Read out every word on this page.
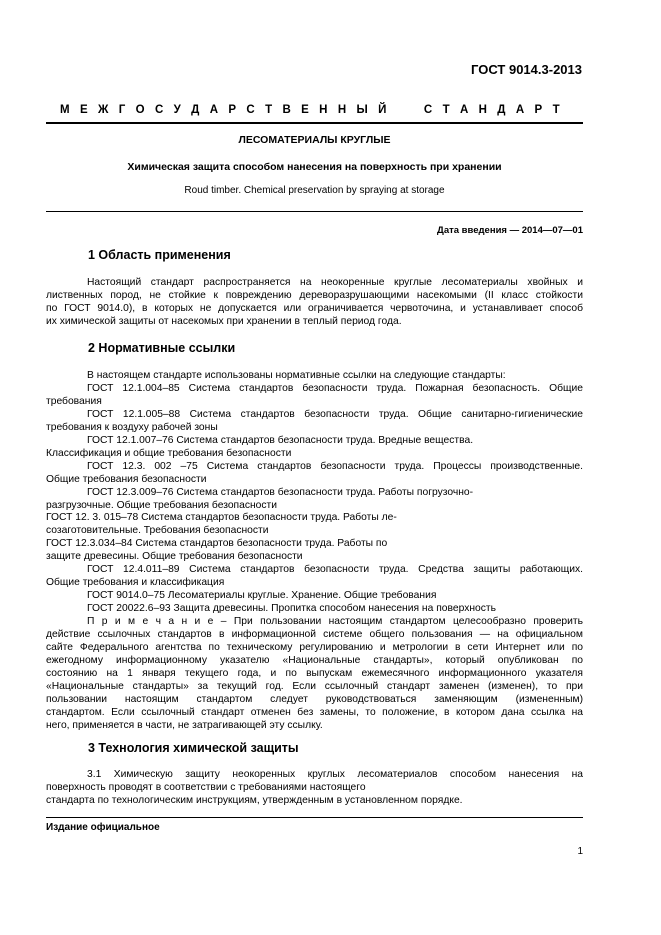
ГОСТ 9014.3-2013
М Е Ж Г О С У Д А Р С Т В Е Н Н Ы Й

	С Т А Н Д А Р Т
ЛЕСОМАТЕРИАЛЫ КРУГЛЫЕ
Химическая защита способом нанесения на поверхность при хранении
Roud timber. Chemical preservation by spraying at storage
Дата введения — 2014—07—01
1 Область применения
Настоящий стандарт распространяется на неокоренные круглые лесоматериалы хвойных и
лиственных пород, не стойкие к повреждению дереворазрушающими насекомыми (II класс стойкости
по ГОСТ 9014.0), в которых не допускается или ограничивается червоточина, и устанавливает способ
их химической защиты от насекомых при хранении в теплый период года.
2 Нормативные ссылки
В настоящем стандарте использованы нормативные ссылки на следующие стандарты:
ГОСТ 12.1.004–85 Система стандартов безопасности труда. Пожарная безопасность. Общие
требования
ГОСТ 12.1.005–88 Система стандартов безопасности труда. Общие санитарно-гигиенические
требования к воздуху рабочей зоны
ГОСТ 12.1.007–76 Система стандартов безопасности труда. Вредные вещества.
Классификация и общие требования безопасности
ГОСТ 12.3. 002 –75 Система стандартов безопасности труда. Процессы производственные.
Общие требования безопасности
ГОСТ 12.3.009–76 Система стандартов безопасности труда. Работы погрузочно-
разгрузочные. Общие требования безопасности
ГОСТ 12. 3. 015–78 Система стандартов безопасности труда. Работы ле-
созаготовительные. Требования безопасности
ГОСТ 12.3.034–84 Система стандартов безопасности труда. Работы по
защите древесины. Общие требования безопасности
ГОСТ 12.4.011–89 Система стандартов безопасности труда. Средства защиты работающих.
Общие требования и классификация
ГОСТ 9014.0–75 Лесоматериалы круглые. Хранение. Общие требования
ГОСТ 20022.6–93 Защита древесины. Пропитка способом нанесения на поверхность
П р и м е ч а н и е – При пользовании настоящим стандартом целесообразно проверить
действие ссылочных стандартов в информационной системе общего пользования — на официальном
сайте Федерального агентства по техническому регулированию и метрологии в сети Интернет или по
ежегодному информационному указателю «Национальные стандарты», который опубликован по
состоянию на 1 января текущего года, и по выпускам ежемесячного информационного указателя
«Национальные стандарты» за текущий год. Если ссылочный стандарт заменен (изменен), то при
пользовании настоящим стандартом следует руководствоваться заменяющим (измененным)
стандартом. Если ссылочный стандарт отменен без замены, то положение, в котором дана ссылка на
него, применяется в части, не затрагивающей эту ссылку.
3 Технология химической защиты
3.1 Химическую защиту неокоренных круглых лесоматериалов способом нанесения на
поверхность проводят в соответствии с требованиями настоящего
стандарта по технологическим инструкциям, утвержденным в установленном порядке.
Издание официальное
1
